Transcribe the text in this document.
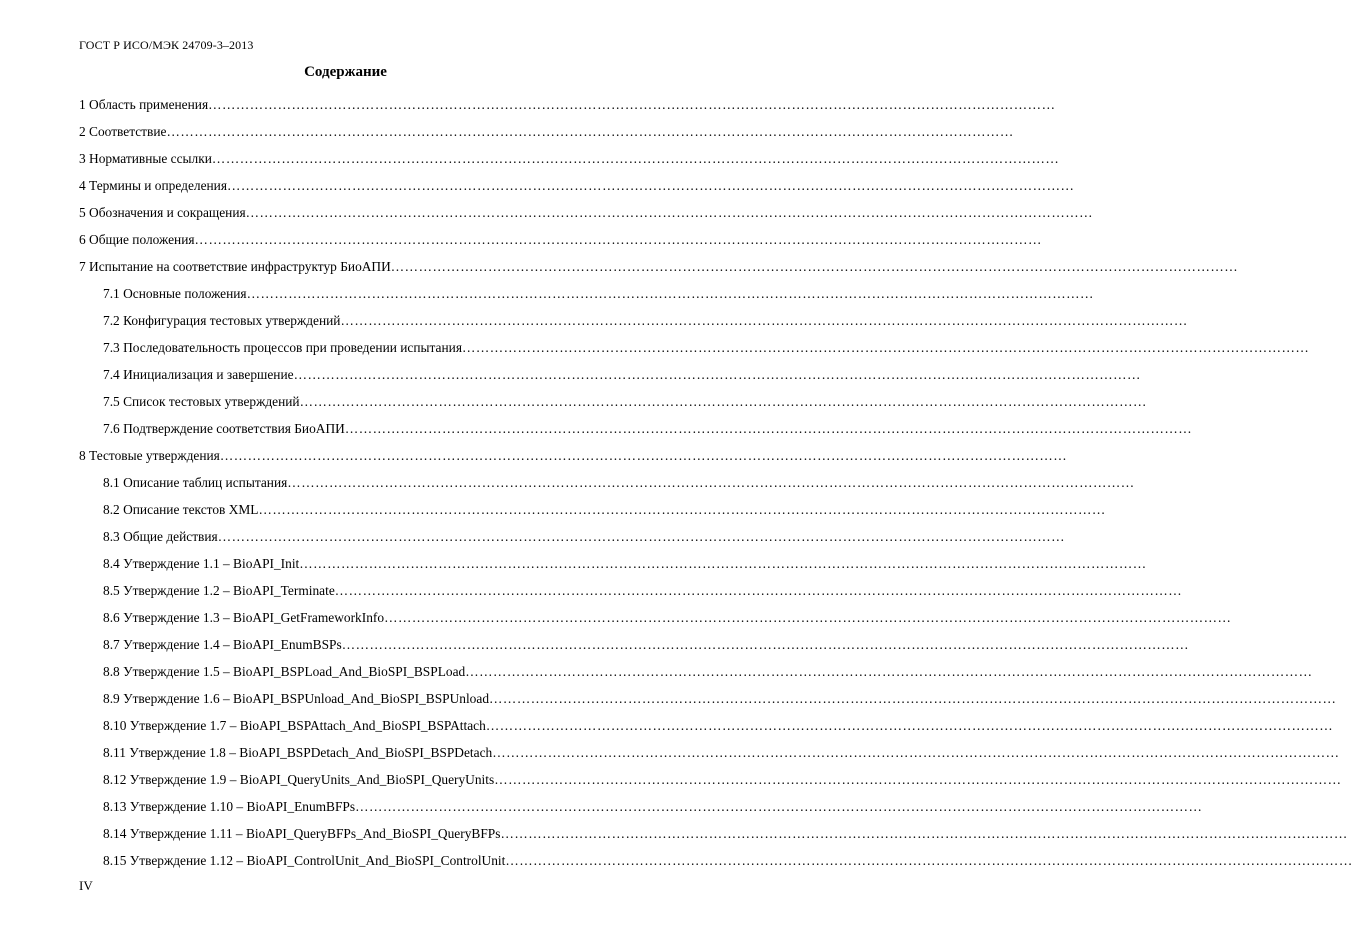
ГОСТ Р ИСО/МЭК 24709-3–2013
Содержание
1 Область применения …………………………………………………………………………………………………………………………………………………………………
2 Соответствие …………………………………………………………………………………………………………………………………………………………………
3 Нормативные ссылки …………………………………………………………………………………………………………………………………………………………………
4 Термины и определения …………………………………………………………………………………………………………………………………………………………………
5 Обозначения и сокращения …………………………………………………………………………………………………………………………………………………………………
6 Общие положения …………………………………………………………………………………………………………………………………………………………………
7 Испытание на соответствие инфраструктур БиоАПИ …………………………………………………………………………………………………………………………………………………………………
7.1 Основные положения …………………………………………………………………………………………………………………………………………………………………
7.2 Конфигурация тестовых утверждений …………………………………………………………………………………………………………………………………………………………………
7.3 Последовательность процессов при проведении испытания …………………………………………………………………………………………………………………………………………………………………
7.4 Инициализация и завершение …………………………………………………………………………………………………………………………………………………………………
7.5 Список тестовых утверждений …………………………………………………………………………………………………………………………………………………………………
7.6 Подтверждение соответствия БиоАПИ …………………………………………………………………………………………………………………………………………………………………
8 Тестовые утверждения …………………………………………………………………………………………………………………………………………………………………
8.1 Описание таблиц испытания …………………………………………………………………………………………………………………………………………………………………
8.2 Описание текстов XML …………………………………………………………………………………………………………………………………………………………………
8.3 Общие действия …………………………………………………………………………………………………………………………………………………………………
8.4 Утверждение 1.1 – BioAPI_Init …………………………………………………………………………………………………………………………………………………………………
8.5 Утверждение 1.2 – BioAPI_Terminate …………………………………………………………………………………………………………………………………………………………………
8.6 Утверждение 1.3 – BioAPI_GetFrameworkInfo …………………………………………………………………………………………………………………………………………………………………
8.7 Утверждение 1.4 – BioAPI_EnumBSPs …………………………………………………………………………………………………………………………………………………………………
8.8 Утверждение 1.5 – BioAPI_BSPLoad_And_BioSPI_BSPLoad …………………………………………………………………………………………………………………………………………………………………
8.9 Утверждение 1.6 – BioAPI_BSPUnload_And_BioSPI_BSPUnload …………………………………………………………………………………………………………………………………………………………………
8.10 Утверждение 1.7 – BioAPI_BSPAttach_And_BioSPI_BSPAttach …………………………………………………………………………………………………………………………………………………………………
8.11 Утверждение 1.8 – BioAPI_BSPDetach_And_BioSPI_BSPDetach …………………………………………………………………………………………………………………………………………………………………
8.12 Утверждение 1.9 – BioAPI_QueryUnits_And_BioSPI_QueryUnits …………………………………………………………………………………………………………………………………………………………………
8.13 Утверждение 1.10 – BioAPI_EnumBFPs …………………………………………………………………………………………………………………………………………………………………
8.14 Утверждение 1.11 – BioAPI_QueryBFPs_And_BioSPI_QueryBFPs …………………………………………………………………………………………………………………………………………………………………
8.15 Утверждение 1.12 – BioAPI_ControlUnit_And_BioSPI_ControlUnit …………………………………………………………………………………………………………………………………………………………………
IV
